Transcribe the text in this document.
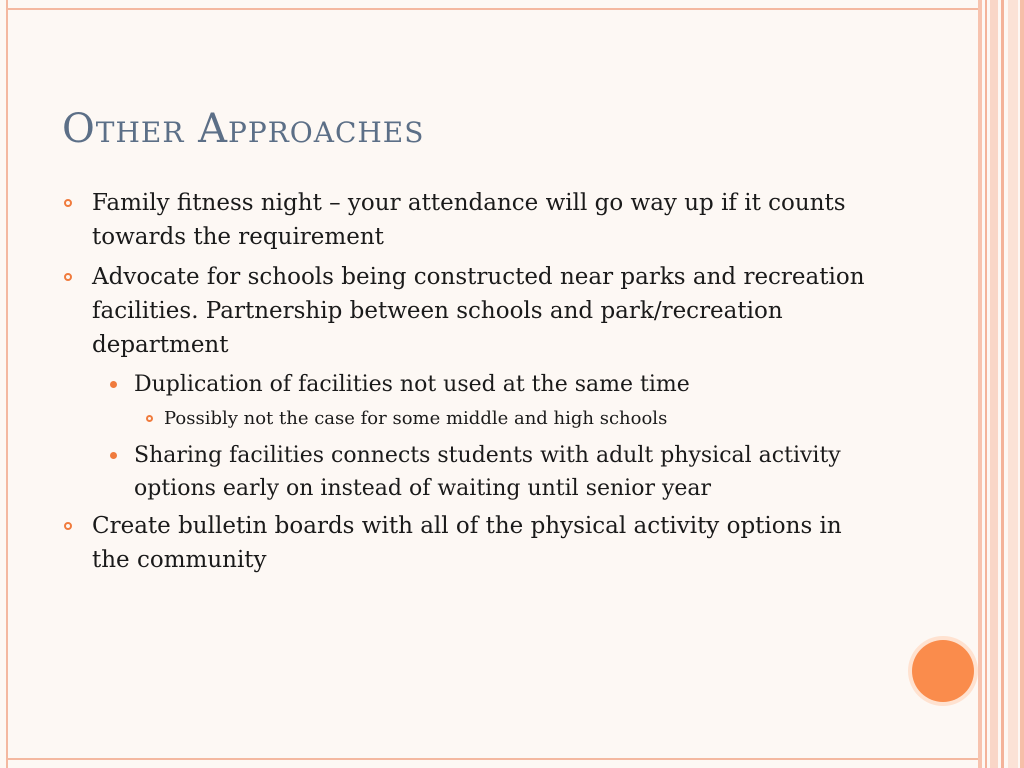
Other Approaches
Family fitness night – your attendance will go way up if it counts towards the requirement
Advocate for schools being constructed near parks and recreation facilities. Partnership between schools and park/recreation department
Duplication of facilities not used at the same time
Possibly not the case for some middle and high schools
Sharing facilities connects students with adult physical activity options early on instead of waiting until senior year
Create bulletin boards with all of the physical activity options in the community
